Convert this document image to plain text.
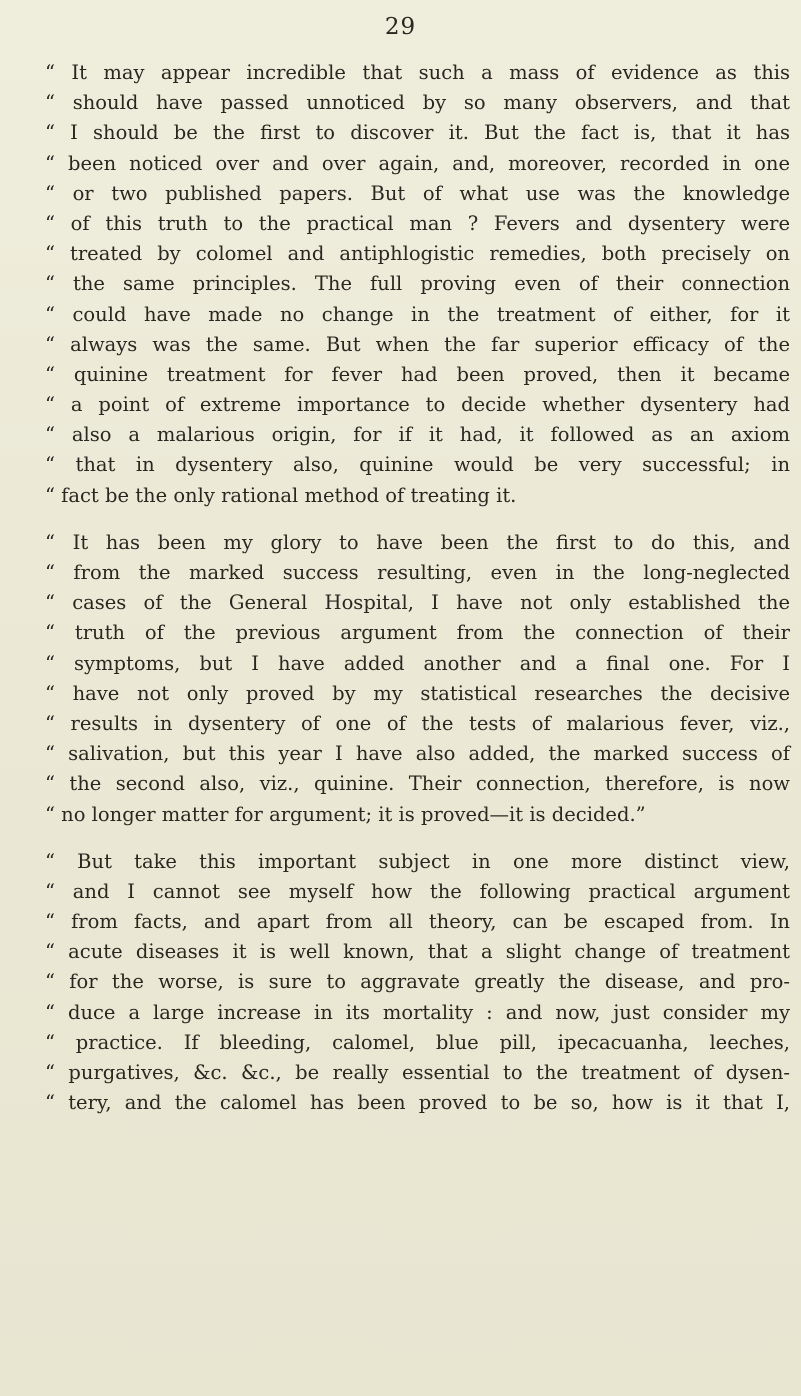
29
“ It may appear incredible that such a mass of evidence as this
“ should have passed unnoticed by so many observers, and that
“ I should be the first to discover it. But the fact is, that it has
“ been noticed over and over again, and, moreover, recorded in one
“ or two published papers. But of what use was the knowledge
“ of this truth to the practical man ? Fevers and dysentery were
“ treated by colomel and antiphlogistic remedies, both precisely on
“ the same principles. The full proving even of their connection
“ could have made no change in the treatment of either, for it
“ always was the same. But when the far superior efficacy of the
“ quinine treatment for fever had been proved, then it became
“ a point of extreme importance to decide whether dysentery had
“ also a malarious origin, for if it had, it followed as an axiom
“ that in dysentery also, quinine would be very successful; in
“ fact be the only rational method of treating it.
“ It has been my glory to have been the first to do this, and
“ from the marked success resulting, even in the long-neglected
“ cases of the General Hospital, I have not only established the
“ truth of the previous argument from the connection of their
“ symptoms, but I have added another and a final one. For I
“ have not only proved by my statistical researches the decisive
“ results in dysentery of one of the tests of malarious fever, viz.,
“ salivation, but this year I have also added, the marked success of
“ the second also, viz., quinine. Their connection, therefore, is now
“ no longer matter for argument; it is proved—it is decided.”
“ But take this important subject in one more distinct view,
“ and I cannot see myself how the following practical argument
“ from facts, and apart from all theory, can be escaped from. In
“ acute diseases it is well known, that a slight change of treatment
“ for the worse, is sure to aggravate greatly the disease, and pro-
“ duce a large increase in its mortality : and now, just consider my
“ practice. If bleeding, calomel, blue pill, ipecacuanha, leeches,
“ purgatives, &c. &c., be really essential to the treatment of dysen-
“ tery, and the calomel has been proved to be so, how is it that I,
